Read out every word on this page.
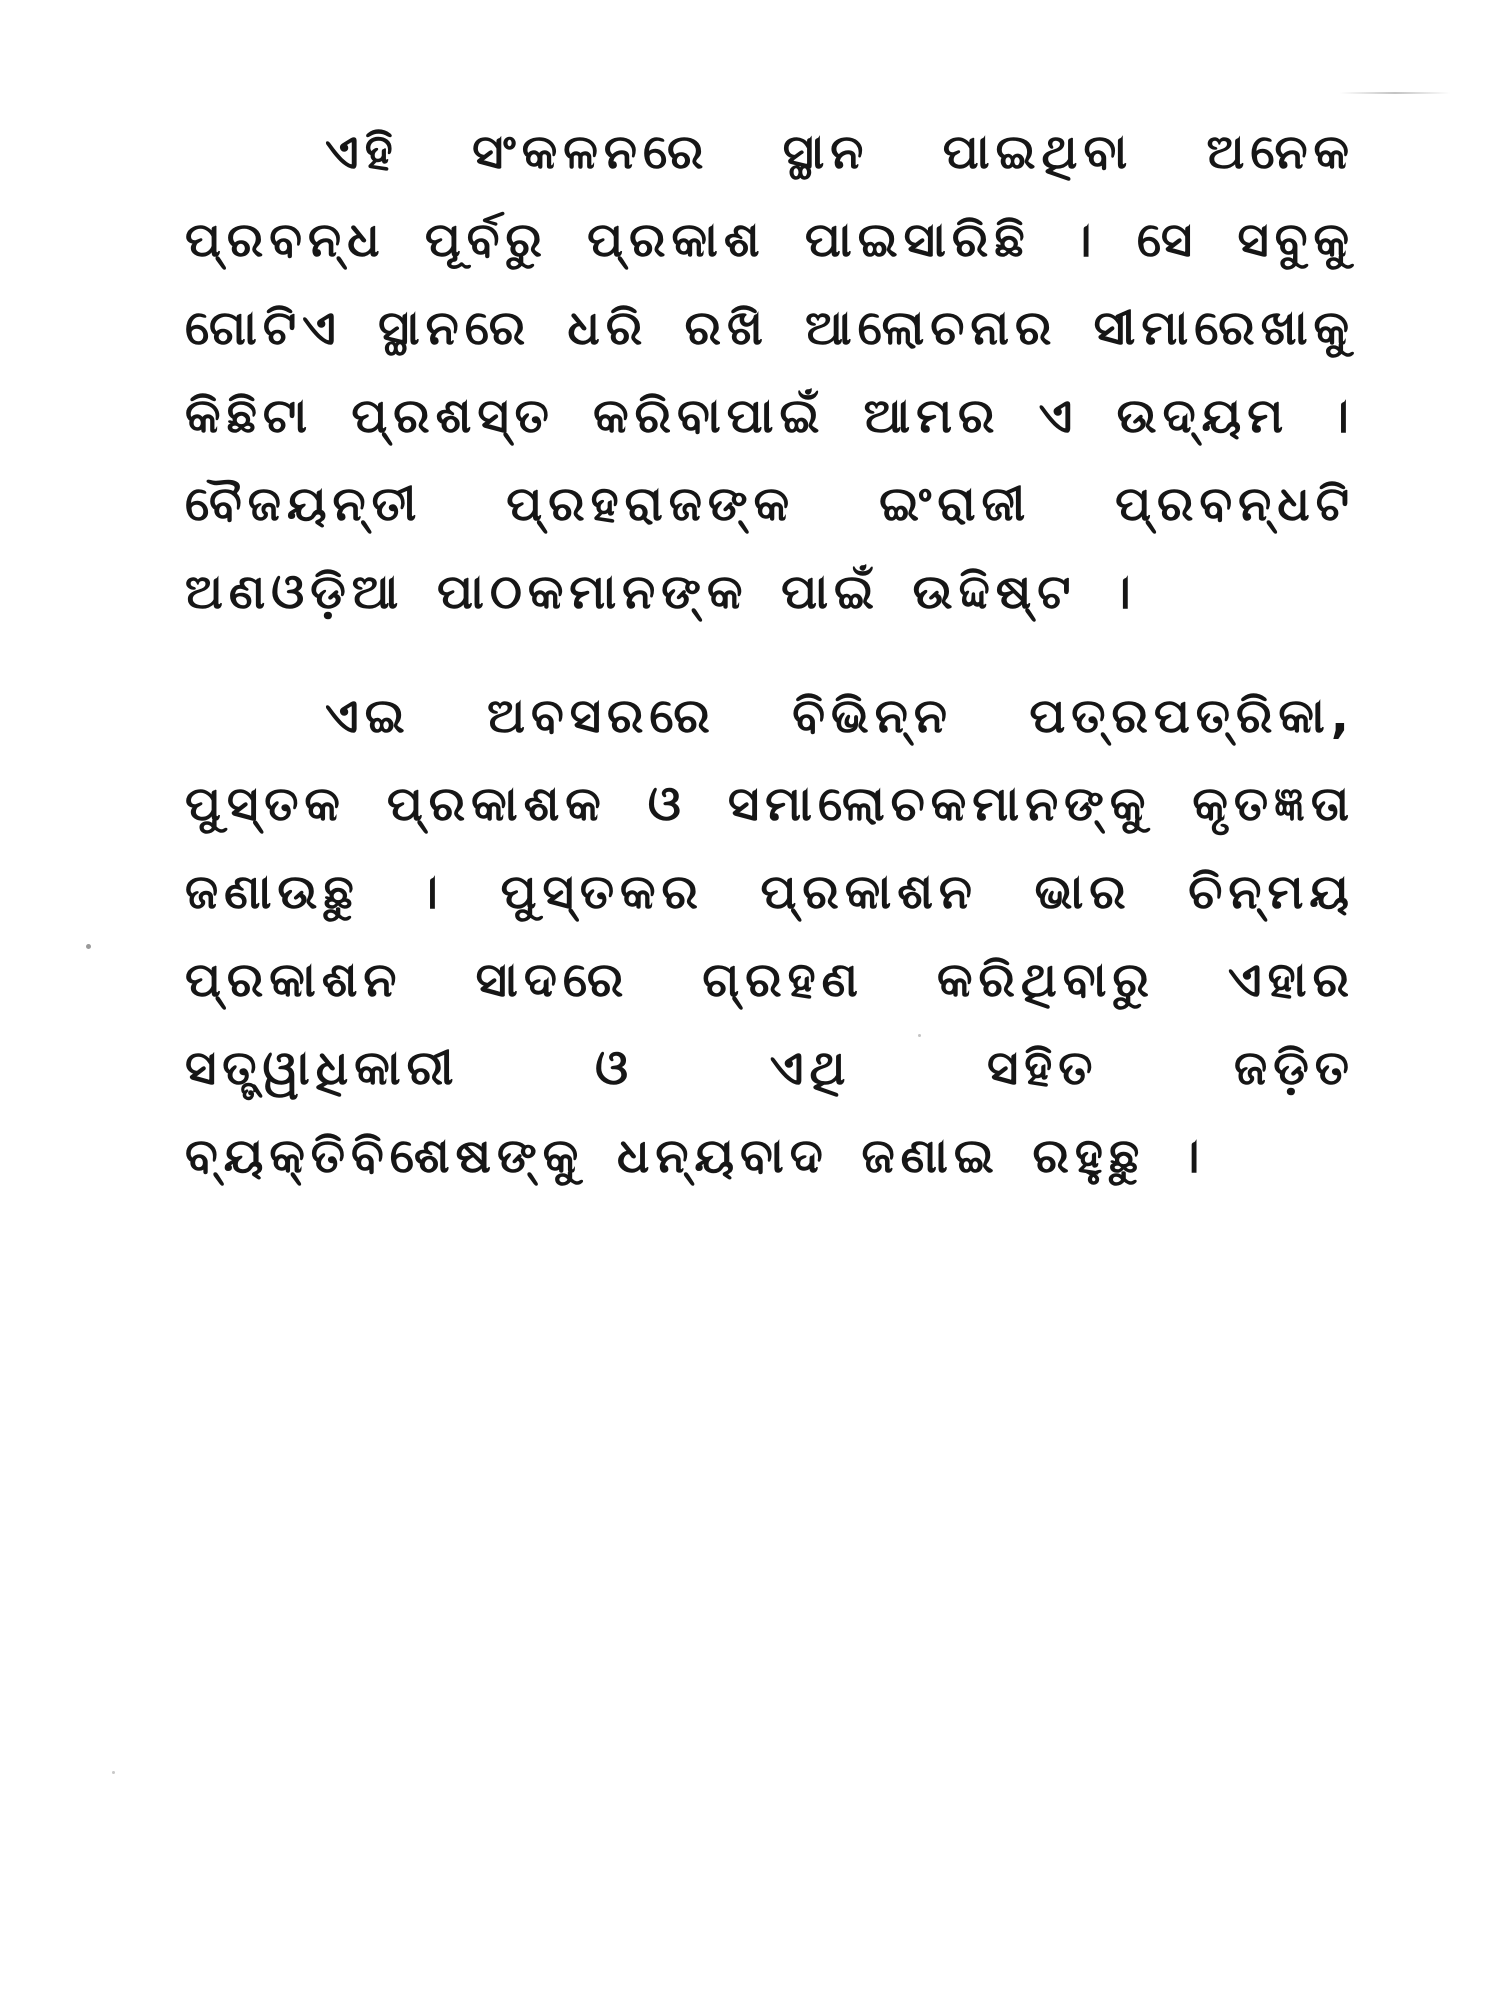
ଏହି ସଂକଳନରେ ସ୍ଥାନ ପାଇଥିବା ଅନେକ ପ୍ରବନ୍ଧ ପୂର୍ବରୁ ପ୍ରକାଶ ପାଇସାରିଛି । ସେ ସବୁକୁ ଗୋଟିଏ ସ୍ଥାନରେ ଧରି ରଖି ଆଲୋଚନାର ସୀମାରେଖାକୁ କିଛିଟା ପ୍ରଶସ୍ତ କରିବାପାଇଁ ଆମର ଏ ଉଦ୍ୟମ । ବୈଜୟନ୍ତୀ ପ୍ରହରାଜଙ୍କ ଇଂରାଜୀ ପ୍ରବନ୍ଧଟି ଅଣଓଡ଼ିଆ ପାଠକମାନଙ୍କ ପାଇଁ ଉଦ୍ଦିଷ୍ଟ ।

ଏଇ ଅବସରରେ ବିଭିନ୍ନ ପତ୍ରପତ୍ରିକା, ପୁସ୍ତକ ପ୍ରକାଶକ ଓ ସମାଲୋଚକମାନଙ୍କୁ କୃତଜ୍ଞତା ଜଣାଉଛୁ । ପୁସ୍ତକର ପ୍ରକାଶନ ଭାର ଚିନ୍ମୟ ପ୍ରକାଶନ ସାଦରେ ଗ୍ରହଣ କରିଥିବାରୁ ଏହାର ସତ୍ତ୍ୱାଧିକାରୀ ଓ ଏଥି ସହିତ ଜଡ଼ିତ ବ୍ୟକ୍ତିବିଶେଷଙ୍କୁ ଧନ୍ୟବାଦ ଜଣାଇ ରହୁଛୁ ।
